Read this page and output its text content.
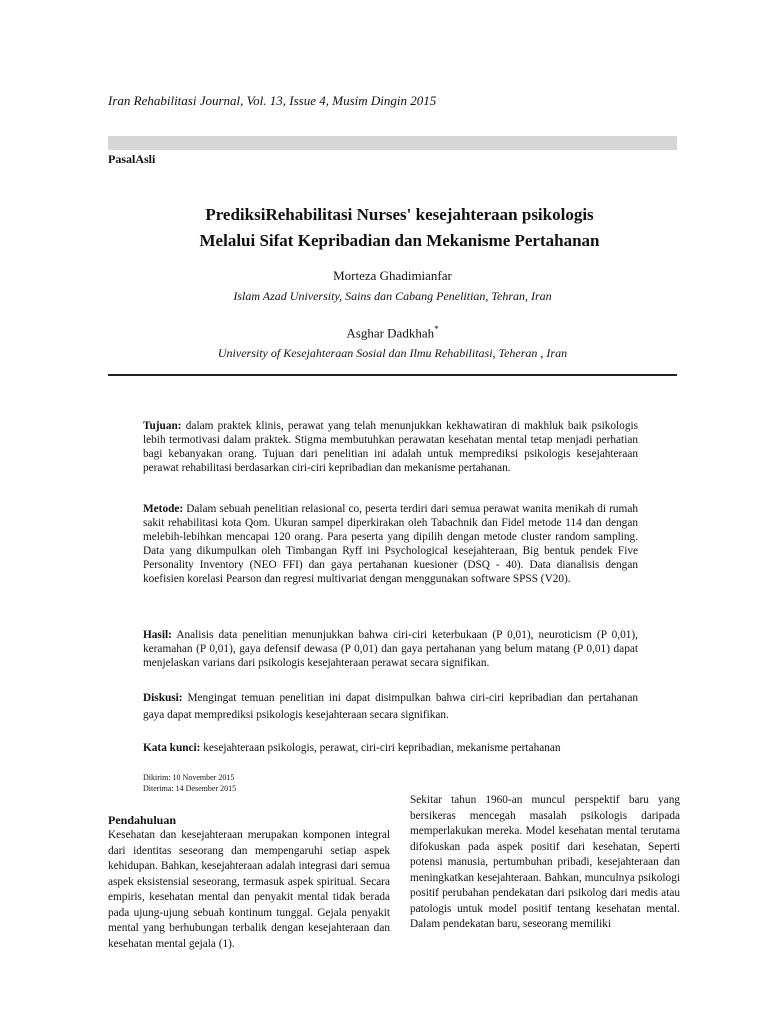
Iran Rehabilitasi Journal, Vol. 13, Issue 4, Musim Dingin 2015
PasalAsli
PrediksiRehabilitasi Nurses' kesejahteraan psikologis
Melalui Sifat Kepribadian dan Mekanisme Pertahanan
Morteza Ghadimianfar
Islam Azad University, Sains dan Cabang Penelitian, Tehran, Iran
Asghar Dadkhah*
University of Kesejahteraan Sosial dan Ilmu Rehabilitasi, Teheran , Iran
Tujuan: dalam praktek klinis, perawat yang telah menunjukkan kekhawatiran di makhluk baik psikologis lebih termotivasi dalam praktek. Stigma membutuhkan perawatan kesehatan mental tetap menjadi perhatian bagi kebanyakan orang. Tujuan dari penelitian ini adalah untuk memprediksi psikologis kesejahteraan perawat rehabilitasi berdasarkan ciri-ciri kepribadian dan mekanisme pertahanan.
Metode: Dalam sebuah penelitian relasional co, peserta terdiri dari semua perawat wanita menikah di rumah sakit rehabilitasi kota Qom. Ukuran sampel diperkirakan oleh Tabachnik dan Fidel metode 114 dan dengan melebih-lebihkan mencapai 120 orang. Para peserta yang dipilih dengan metode cluster random sampling. Data yang dikumpulkan oleh Timbangan Ryff ini Psychological kesejahteraan, Big bentuk pendek Five Personality Inventory (NEO FFI) dan gaya pertahanan kuesioner (DSQ - 40). Data dianalisis dengan koefisien korelasi Pearson dan regresi multivariat dengan menggunakan software SPSS (V20).
Hasil: Analisis data penelitian menunjukkan bahwa ciri-ciri keterbukaan (P 0,01), neuroticism (P 0,01), keramahan (P 0,01), gaya defensif dewasa (P 0,01) dan gaya pertahanan yang belum matang (P 0,01) dapat menjelaskan varians dari psikologis kesejahteraan perawat secara signifikan.
Diskusi: Mengingat temuan penelitian ini dapat disimpulkan bahwa ciri-ciri kepribadian dan pertahanan gaya dapat memprediksi psikologis kesejahteraan secara signifikan.
Kata kunci: kesejahteraan psikologis, perawat, ciri-ciri kepribadian, mekanisme pertahanan
Dikirim: 10 November 2015
Diterima: 14 Desember 2015
Pendahuluan

Kesehatan dan kesejahteraan merupakan komponen integral dari identitas seseorang dan mempengaruhi setiap aspek kehidupan. Bahkan, kesejahteraan adalah integrasi dari semua aspek eksistensial seseorang, termasuk aspek spiritual. Secara empiris, kesehatan mental dan penyakit mental tidak berada pada ujung-ujung sebuah kontinum tunggal. Gejala penyakit mental yang berhubungan terbalik dengan kesejahteraan dan kesehatan mental gejala (1).

Sekitar tahun 1960-an muncul perspektif baru yang bersikeras mencegah masalah psikologis daripada memperlakukan mereka. Model kesehatan mental terutama difokuskan pada aspek positif dari kesehatan, Seperti potensi manusia, pertumbuhan pribadi, kesejahteraan dan meningkatkan kesejahteraan. Bahkan, munculnya psikologi positif perubahan pendekatan dari psikolog dari medis atau patologis untuk model positif tentang kesehatan mental. Dalam pendekatan baru, seseorang memiliki
